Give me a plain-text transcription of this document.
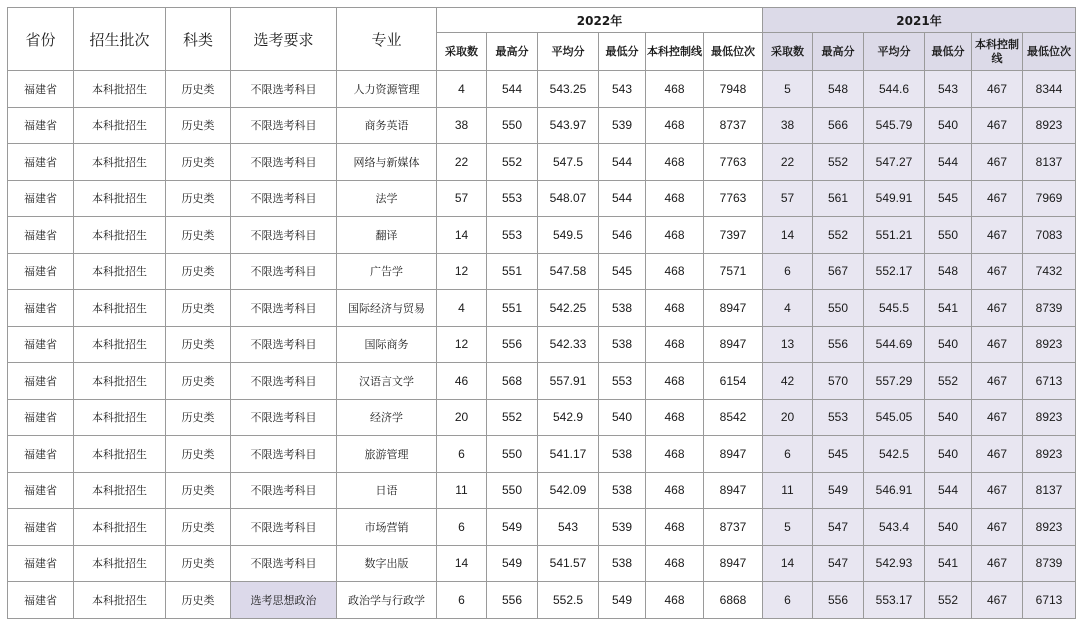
省份	招生批次	科类	选考要求	专业	2022年						2021年					
					采取数	最高分	平均分	最低分	本科控制线	最低位次	采取数	最高分	平均分	最低分	本科控制线	最低位次
福建省	本科批招生	历史类	不限选考科目	人力资源管理	4	544	543.25	543	468	7948	5	548	544.6	543	467	8344
福建省	本科批招生	历史类	不限选考科目	商务英语	38	550	543.97	539	468	8737	38	566	545.79	540	467	8923
福建省	本科批招生	历史类	不限选考科目	网络与新媒体	22	552	547.5	544	468	7763	22	552	547.27	544	467	8137
福建省	本科批招生	历史类	不限选考科目	法学	57	553	548.07	544	468	7763	57	561	549.91	545	467	7969
福建省	本科批招生	历史类	不限选考科目	翻译	14	553	549.5	546	468	7397	14	552	551.21	550	467	7083
福建省	本科批招生	历史类	不限选考科目	广告学	12	551	547.58	545	468	7571	6	567	552.17	548	467	7432
福建省	本科批招生	历史类	不限选考科目	国际经济与贸易	4	551	542.25	538	468	8947	4	550	545.5	541	467	8739
福建省	本科批招生	历史类	不限选考科目	国际商务	12	556	542.33	538	468	8947	13	556	544.69	540	467	8923
福建省	本科批招生	历史类	不限选考科目	汉语言文学	46	568	557.91	553	468	6154	42	570	557.29	552	467	6713
福建省	本科批招生	历史类	不限选考科目	经济学	20	552	542.9	540	468	8542	20	553	545.05	540	467	8923
福建省	本科批招生	历史类	不限选考科目	旅游管理	6	550	541.17	538	468	8947	6	545	542.5	540	467	8923
福建省	本科批招生	历史类	不限选考科目	日语	11	550	542.09	538	468	8947	11	549	546.91	544	467	8137
福建省	本科批招生	历史类	不限选考科目	市场营销	6	549	543	539	468	8737	5	547	543.4	540	467	8923
福建省	本科批招生	历史类	不限选考科目	数字出版	14	549	541.57	538	468	8947	14	547	542.93	541	467	8739
福建省	本科批招生	历史类	选考思想政治	政治学与行政学	6	556	552.5	549	468	6868	6	556	553.17	552	467	6713
